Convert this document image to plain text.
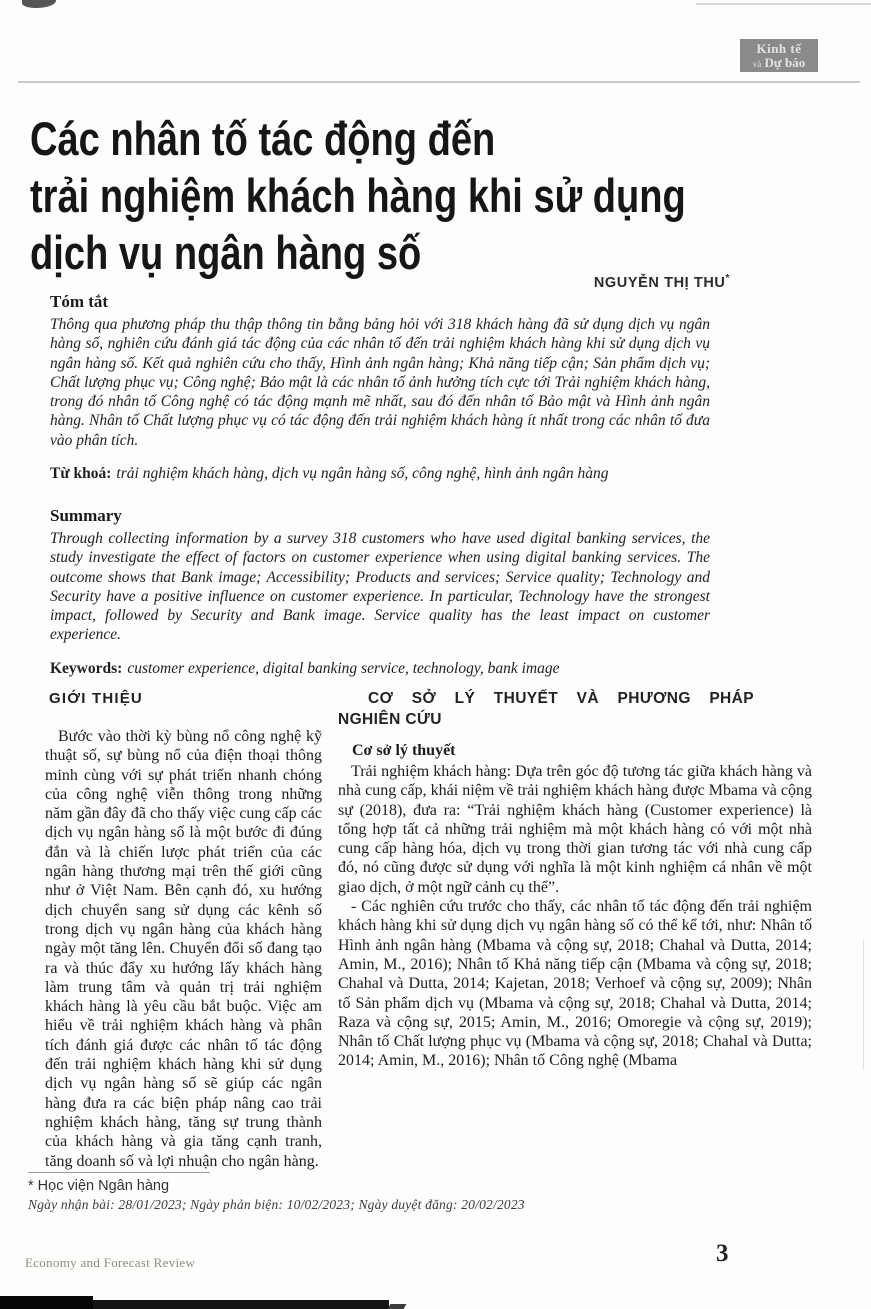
Kinh tế
và Dự báo
Các nhân tố tác động đến
trải nghiệm khách hàng khi sử dụng
dịch vụ ngân hàng số
NGUYỄN THỊ THU*
Tóm tắt

Thông qua phương pháp thu thập thông tin bằng bảng hỏi với 318 khách hàng đã sử dụng dịch vụ ngân hàng số, nghiên cứu đánh giá tác động của các nhân tố đến trải nghiệm khách hàng khi sử dụng dịch vụ ngân hàng số. Kết quả nghiên cứu cho thấy, Hình ảnh ngân hàng; Khả năng tiếp cận; Sản phẩm dịch vụ; Chất lượng phục vụ; Công nghệ; Bảo mật là các nhân tố ảnh hưởng tích cực tới Trải nghiệm khách hàng, trong đó nhân tố Công nghệ có tác động mạnh mẽ nhất, sau đó đến nhân tố Bảo mật và Hình ảnh ngân hàng. Nhân tố Chất lượng phục vụ có tác động đến trải nghiệm khách hàng ít nhất trong các nhân tố đưa vào phân tích.

Từ khoá: trải nghiệm khách hàng, dịch vụ ngân hàng số, công nghệ, hình ảnh ngân hàng

Summary

Through collecting information by a survey 318 customers who have used digital banking services, the study investigate the effect of factors on customer experience when using digital banking services. The outcome shows that Bank image; Accessibility; Products and services; Service quality; Technology and Security have a positive influence on customer experience. In particular, Technology have the strongest impact, followed by Security and Bank image. Service quality has the least impact on customer experience.

Keywords: customer experience, digital banking service, technology, bank image

GIỚI THIỆU

Bước vào thời kỳ bùng nổ công nghệ kỹ thuật số, sự bùng nổ của điện thoại thông minh cùng với sự phát triển nhanh chóng của công nghệ viễn thông trong những năm gần đây đã cho thấy việc cung cấp các dịch vụ ngân hàng số là một bước đi đúng đắn và là chiến lược phát triển của các ngân hàng thương mại trên thế giới cũng như ở Việt Nam. Bên cạnh đó, xu hướng dịch chuyển sang sử dụng các kênh số trong dịch vụ ngân hàng của khách hàng ngày một tăng lên. Chuyển đổi số đang tạo ra và thúc đẩy xu hướng lấy khách hàng làm trung tâm và quản trị trải nghiệm khách hàng là yêu cầu bắt buộc. Việc am hiểu về trải nghiệm khách hàng và phân tích đánh giá được các nhân tố tác động đến trải nghiệm khách hàng khi sử dụng dịch vụ ngân hàng số sẽ giúp các ngân hàng đưa ra các biện pháp nâng cao trải nghiệm khách hàng, tăng sự trung thành của khách hàng và gia tăng cạnh tranh, tăng doanh số và lợi nhuận cho ngân hàng.

CƠ SỞ LÝ THUYẾT VÀ PHƯƠNG PHÁP
NGHIÊN CỨU
Cơ sở lý thuyết

Trải nghiệm khách hàng: Dựa trên góc độ tương tác giữa khách hàng và nhà cung cấp, khái niệm về trải nghiệm khách hàng được Mbama và cộng sự (2018), đưa ra: “Trải nghiệm khách hàng (Customer experience) là tổng hợp tất cả những trải nghiệm mà một khách hàng có với một nhà cung cấp hàng hóa, dịch vụ trong thời gian tương tác với nhà cung cấp đó, nó cũng được sử dụng với nghĩa là một kinh nghiệm cá nhân về một giao dịch, ở một ngữ cảnh cụ thể”.

- Các nghiên cứu trước cho thấy, các nhân tố tác động đến trải nghiệm khách hàng khi sử dụng dịch vụ ngân hàng số có thể kể tới, như: Nhân tố Hình ảnh ngân hàng (Mbama và cộng sự, 2018; Chahal và Dutta, 2014; Amin, M., 2016); Nhân tố Khả năng tiếp cận (Mbama và cộng sự, 2018; Chahal và Dutta, 2014; Kajetan, 2018; Verhoef và cộng sự, 2009); Nhân tố Sản phẩm dịch vụ (Mbama và cộng sự, 2018; Chahal và Dutta, 2014; Raza và cộng sự, 2015; Amin, M., 2016; Omoregie và cộng sự, 2019); Nhân tố Chất lượng phục vụ (Mbama và cộng sự, 2018; Chahal và Dutta; 2014; Amin, M., 2016); Nhân tố Công nghệ (Mbama

* Học viện Ngân hàng
Ngày nhận bài: 28/01/2023; Ngày phản biện: 10/02/2023; Ngày duyệt đăng: 20/02/2023
Economy and Forecast Review	3
